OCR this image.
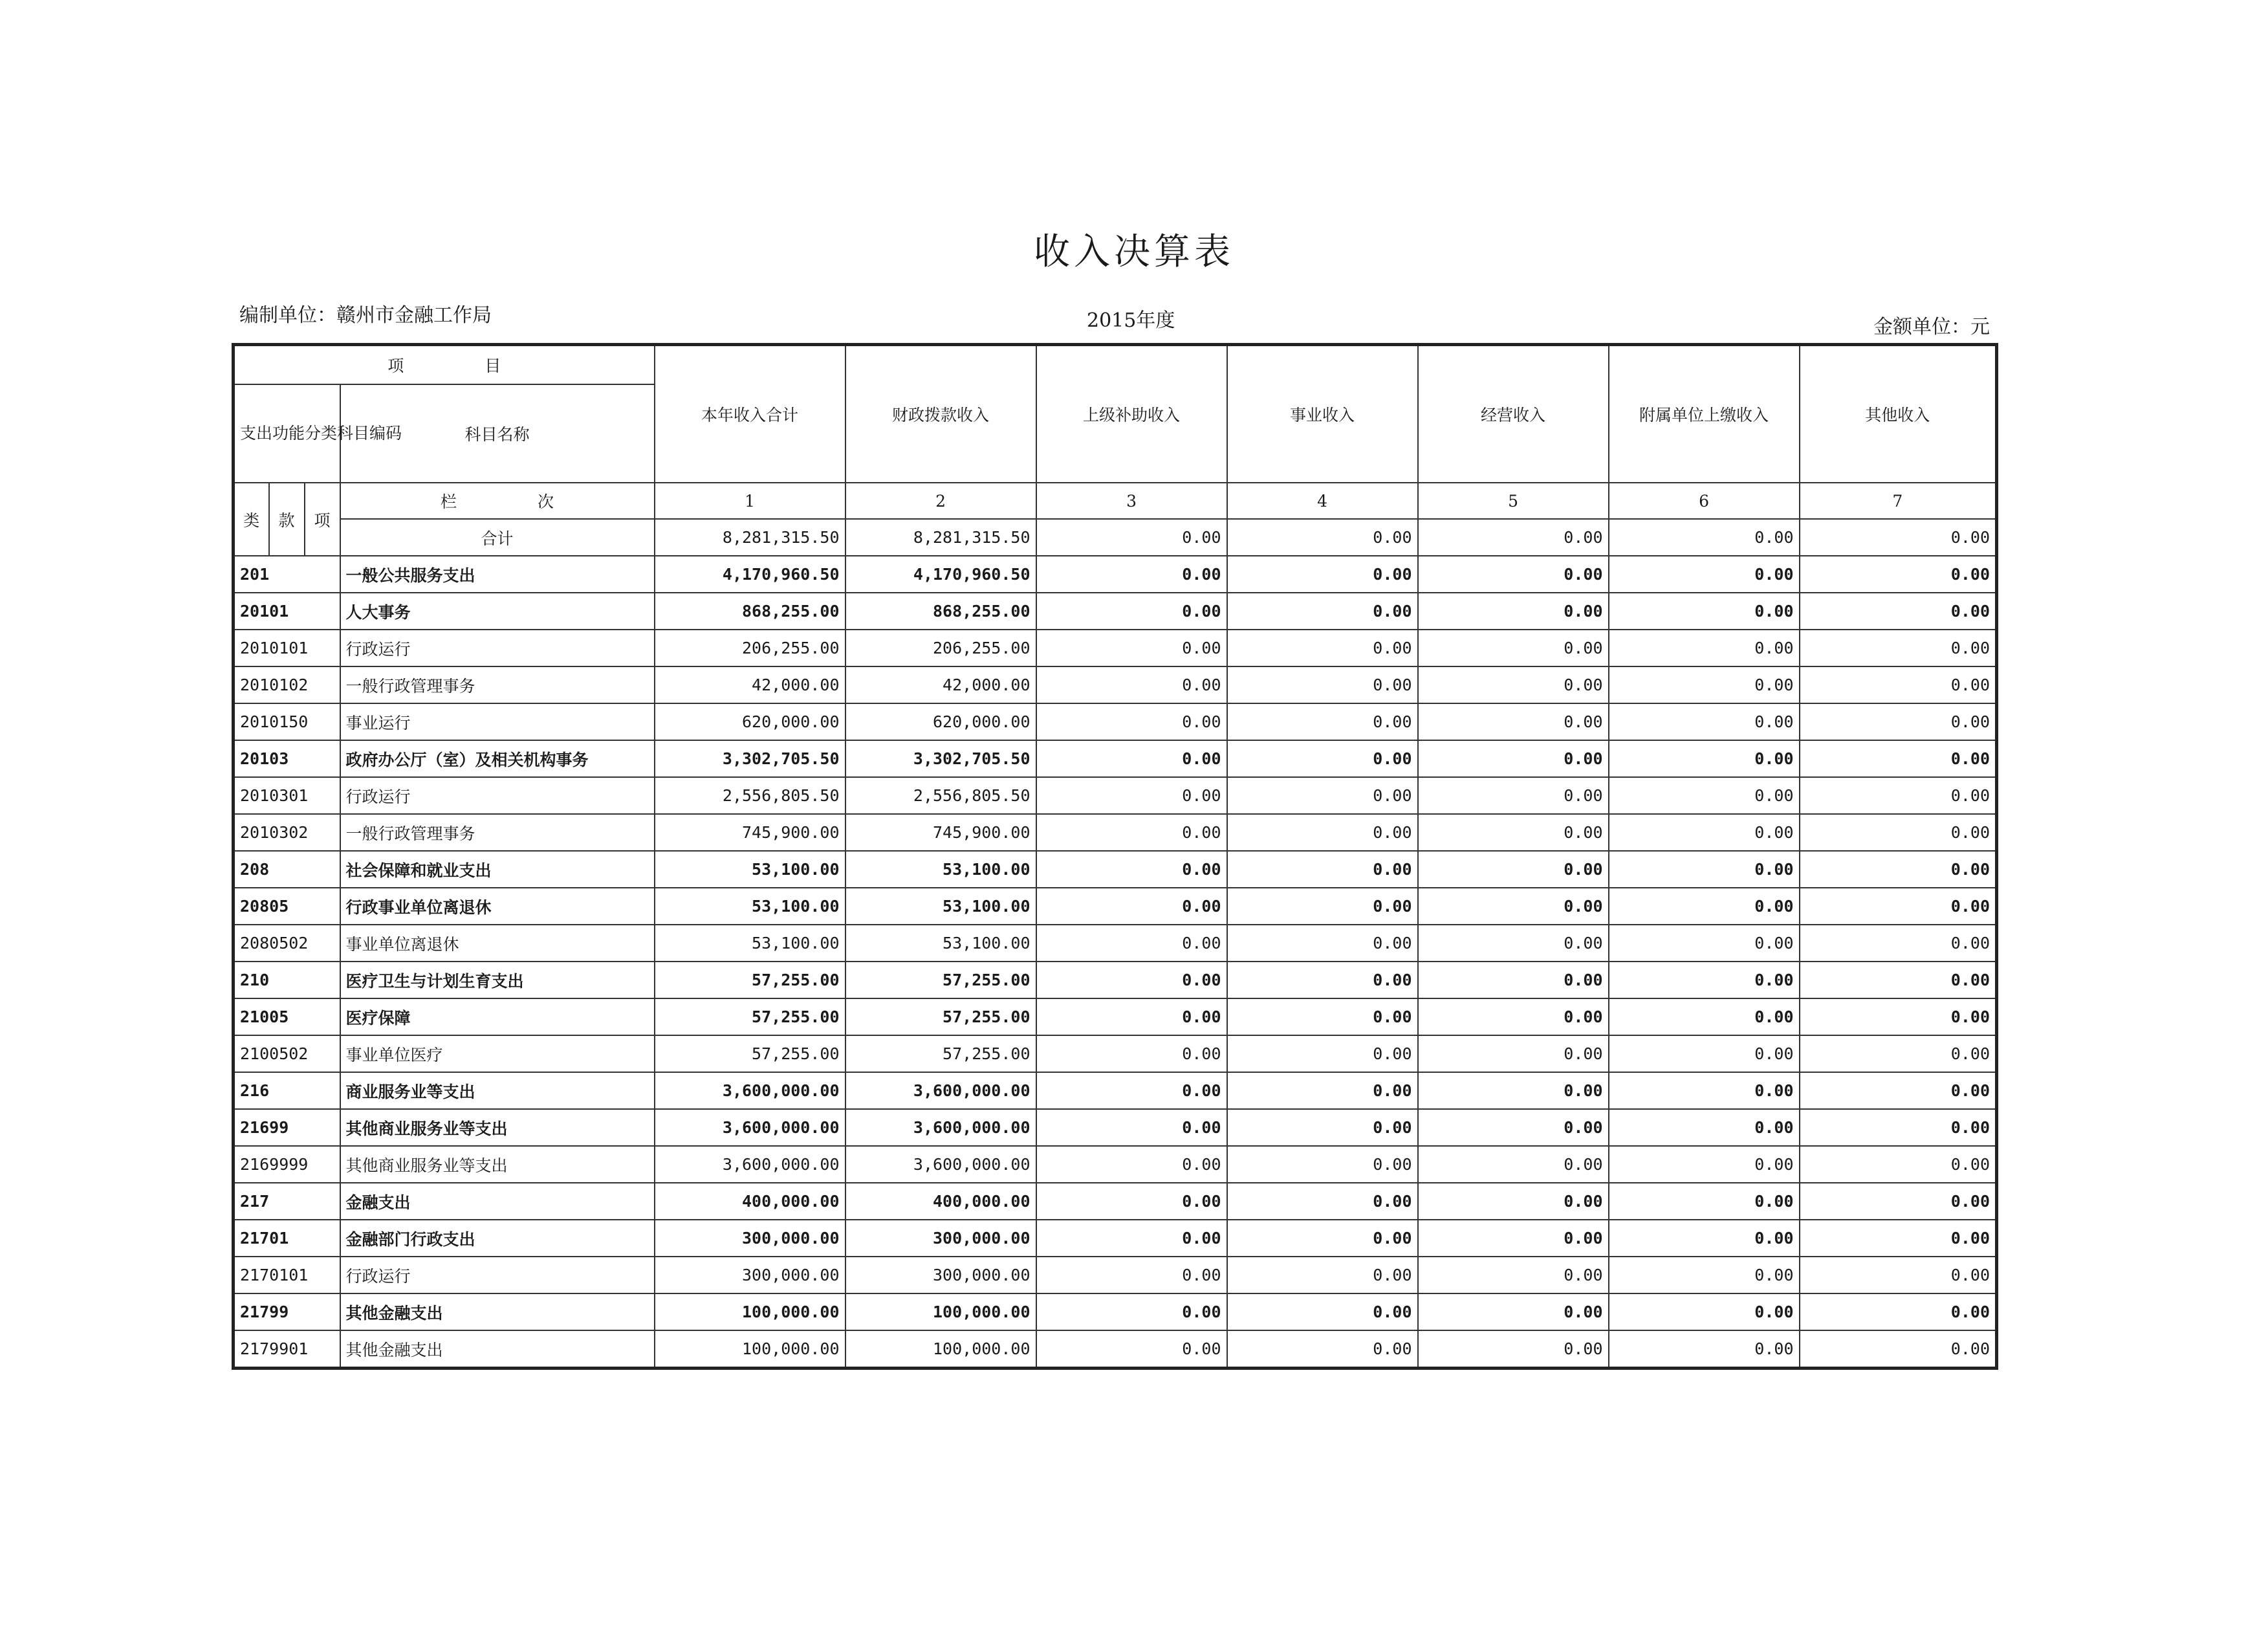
收入决算表
编制单位：赣州市金融工作局	2015年度	金额单位：元
项　　　　　目				本年收入合计	财政拨款收入	上级补助收入	事业收入	经营收入	附属单位上缴收入	其他收入
支出功能分类科目编码			科目名称							
类	款	项	栏　　　　　次	1	2	3	4	5	6	7
			合计	8,281,315.50	8,281,315.50	0.00	0.00	0.00	0.00	0.00
201			一般公共服务支出	4,170,960.50	4,170,960.50	0.00	0.00	0.00	0.00	0.00
20101			人大事务	868,255.00	868,255.00	0.00	0.00	0.00	0.00	0.00
2010101			行政运行	206,255.00	206,255.00	0.00	0.00	0.00	0.00	0.00
2010102			一般行政管理事务	42,000.00	42,000.00	0.00	0.00	0.00	0.00	0.00
2010150			事业运行	620,000.00	620,000.00	0.00	0.00	0.00	0.00	0.00
20103			政府办公厅（室）及相关机构事务	3,302,705.50	3,302,705.50	0.00	0.00	0.00	0.00	0.00
2010301			行政运行	2,556,805.50	2,556,805.50	0.00	0.00	0.00	0.00	0.00
2010302			一般行政管理事务	745,900.00	745,900.00	0.00	0.00	0.00	0.00	0.00
208			社会保障和就业支出	53,100.00	53,100.00	0.00	0.00	0.00	0.00	0.00
20805			行政事业单位离退休	53,100.00	53,100.00	0.00	0.00	0.00	0.00	0.00
2080502			事业单位离退休	53,100.00	53,100.00	0.00	0.00	0.00	0.00	0.00
210			医疗卫生与计划生育支出	57,255.00	57,255.00	0.00	0.00	0.00	0.00	0.00
21005			医疗保障	57,255.00	57,255.00	0.00	0.00	0.00	0.00	0.00
2100502			事业单位医疗	57,255.00	57,255.00	0.00	0.00	0.00	0.00	0.00
216			商业服务业等支出	3,600,000.00	3,600,000.00	0.00	0.00	0.00	0.00	0.00
21699			其他商业服务业等支出	3,600,000.00	3,600,000.00	0.00	0.00	0.00	0.00	0.00
2169999			其他商业服务业等支出	3,600,000.00	3,600,000.00	0.00	0.00	0.00	0.00	0.00
217			金融支出	400,000.00	400,000.00	0.00	0.00	0.00	0.00	0.00
21701			金融部门行政支出	300,000.00	300,000.00	0.00	0.00	0.00	0.00	0.00
2170101			行政运行	300,000.00	300,000.00	0.00	0.00	0.00	0.00	0.00
21799			其他金融支出	100,000.00	100,000.00	0.00	0.00	0.00	0.00	0.00
2179901			其他金融支出	100,000.00	100,000.00	0.00	0.00	0.00	0.00	0.00
